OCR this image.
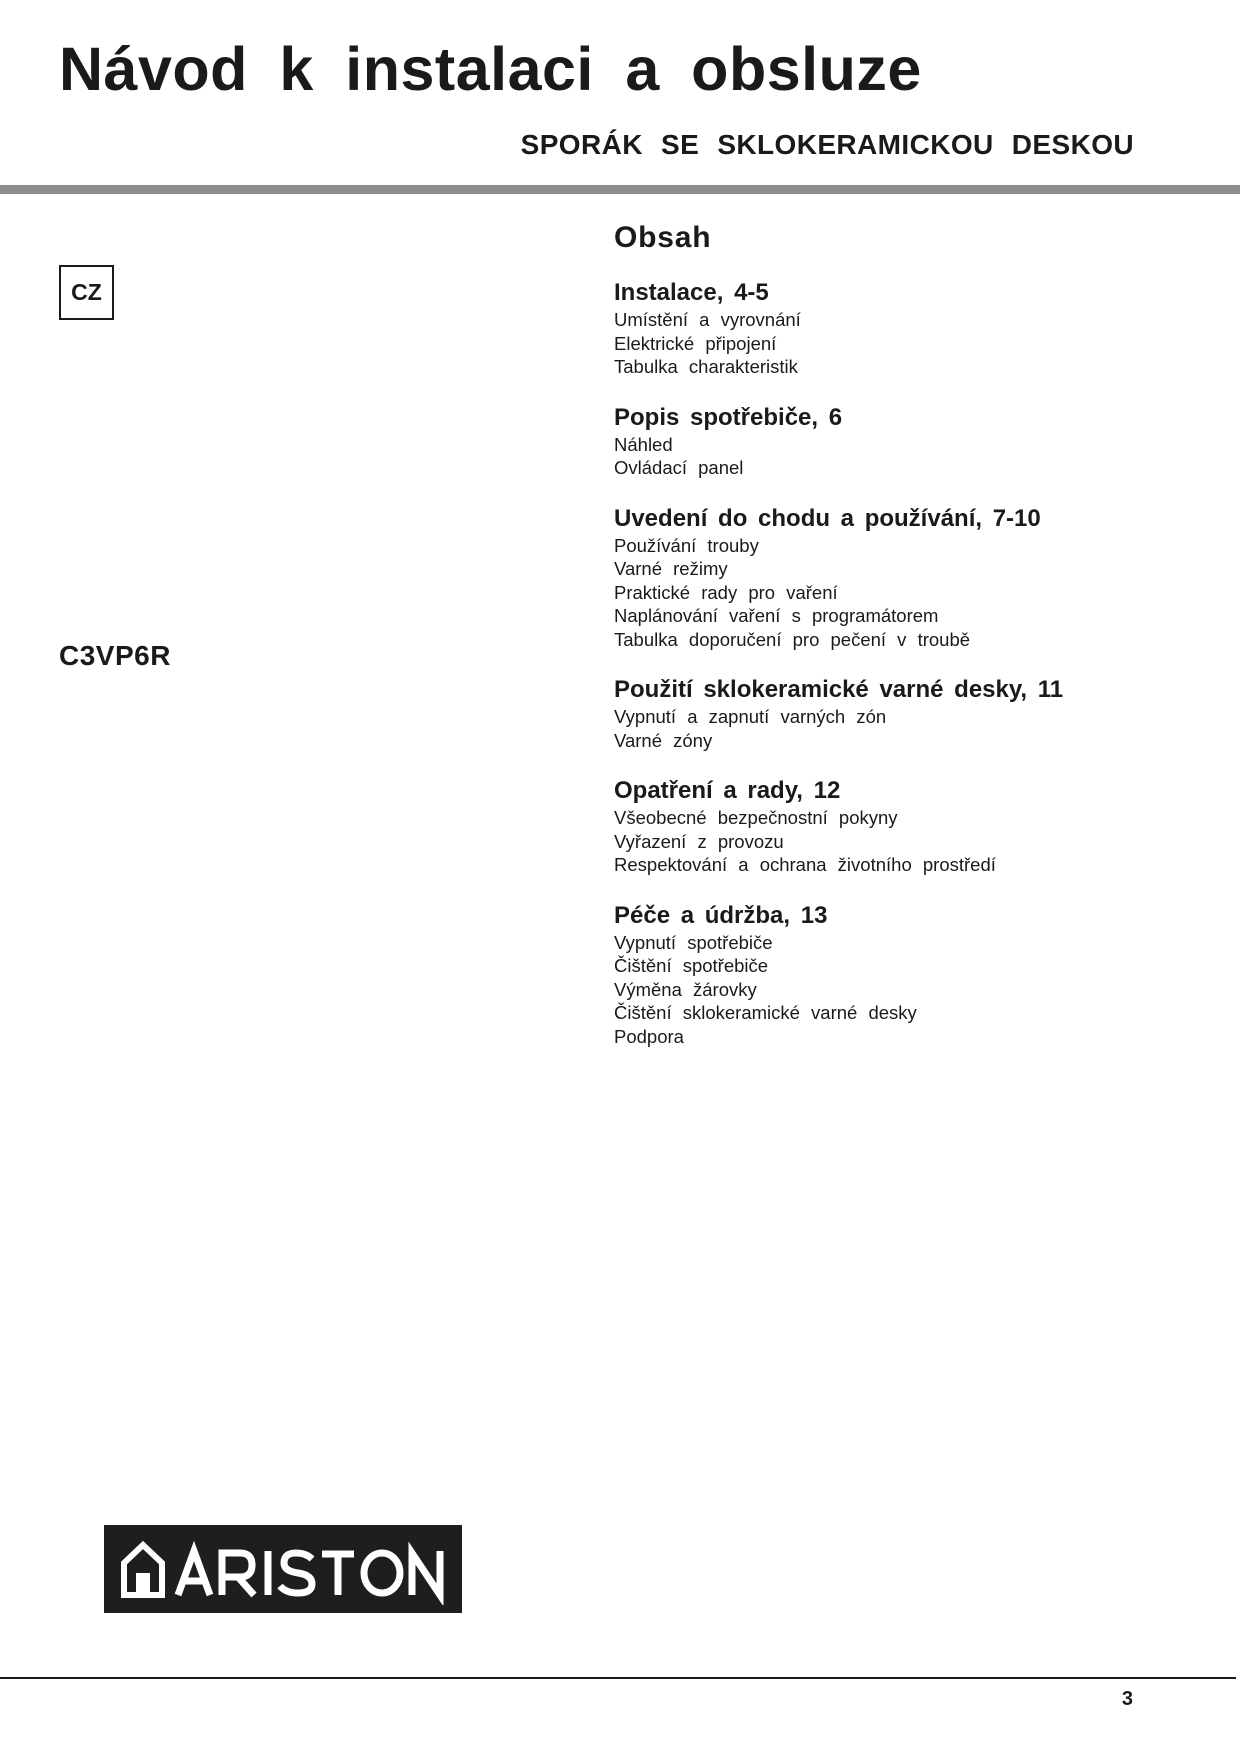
Návod k instalaci a obsluze
SPORÁK SE SKLOKERAMICKOU DESKOU
CZ
C3VP6R
Obsah
Instalace, 4-5
Umístění a vyrovnání
Elektrické připojení
Tabulka charakteristik
Popis spotřebiče, 6
Náhled
Ovládací panel
Uvedení do chodu a používání, 7-10
Používání trouby
Varné režimy
Praktické rady pro vaření
Naplánování vaření s programátorem
Tabulka doporučení pro pečení v troubě
Použití sklokeramické varné desky, 11
Vypnutí a zapnutí varných zón
Varné zóny
Opatření a rady, 12
Všeobecné bezpečnostní pokyny
Vyřazení z provozu
Respektování a ochrana životního prostředí
Péče a údržba, 13
Vypnutí spotřebiče
Čištění spotřebiče
Výměna žárovky
Čištění sklokeramické varné desky
Podpora
3
